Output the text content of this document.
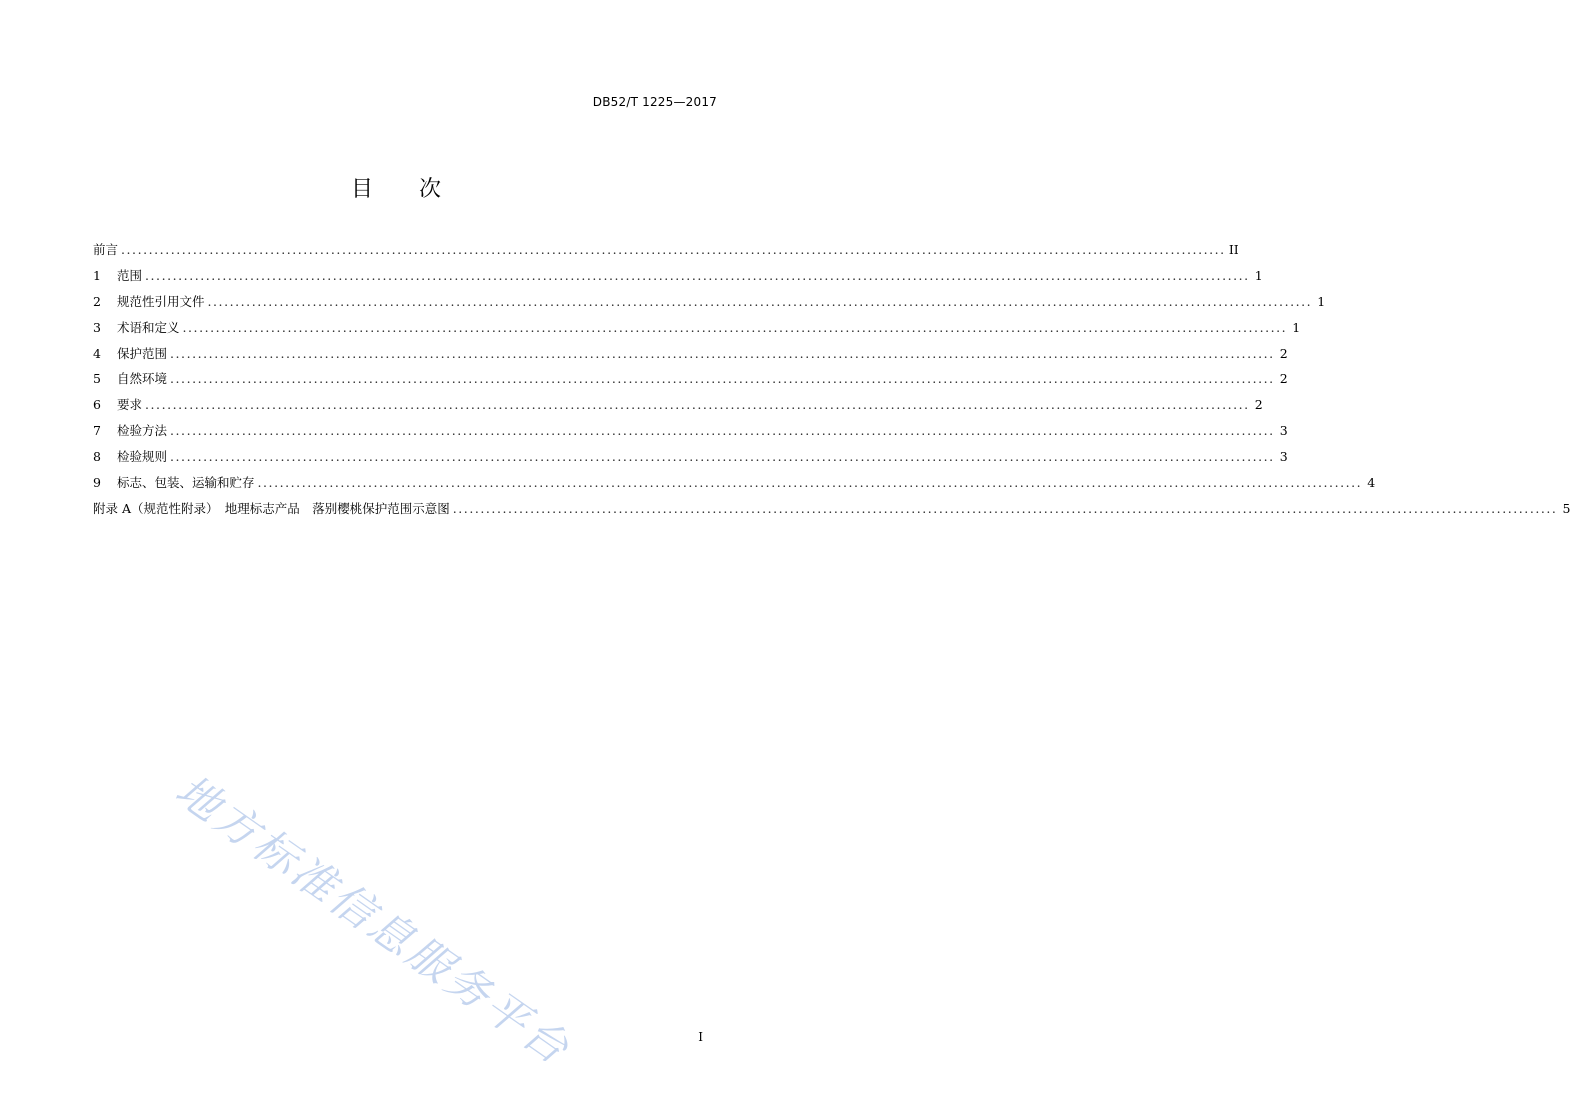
DB52/T 1225—2017
目 次
前言 ........................................................................................................................................................................................................ II
1	范围 ........................................................................................................................................................................................................ 1
2	规范性引用文件 ........................................................................................................................................................................................................ 1
3	术语和定义 ........................................................................................................................................................................................................ 1
4	保护范围 ........................................................................................................................................................................................................ 2
5	自然环境 ........................................................................................................................................................................................................ 2
6	要求 ........................................................................................................................................................................................................ 2
7	检验方法 ........................................................................................................................................................................................................ 3
8	检验规则 ........................................................................................................................................................................................................ 3
9	标志、包装、运输和贮存 ........................................................................................................................................................................................................ 4
附录 A（规范性附录）　地理标志产品　落别樱桃保护范围示意图 ........................................................................................................................................................................................................ 5
地方标准信息服务平台	I
